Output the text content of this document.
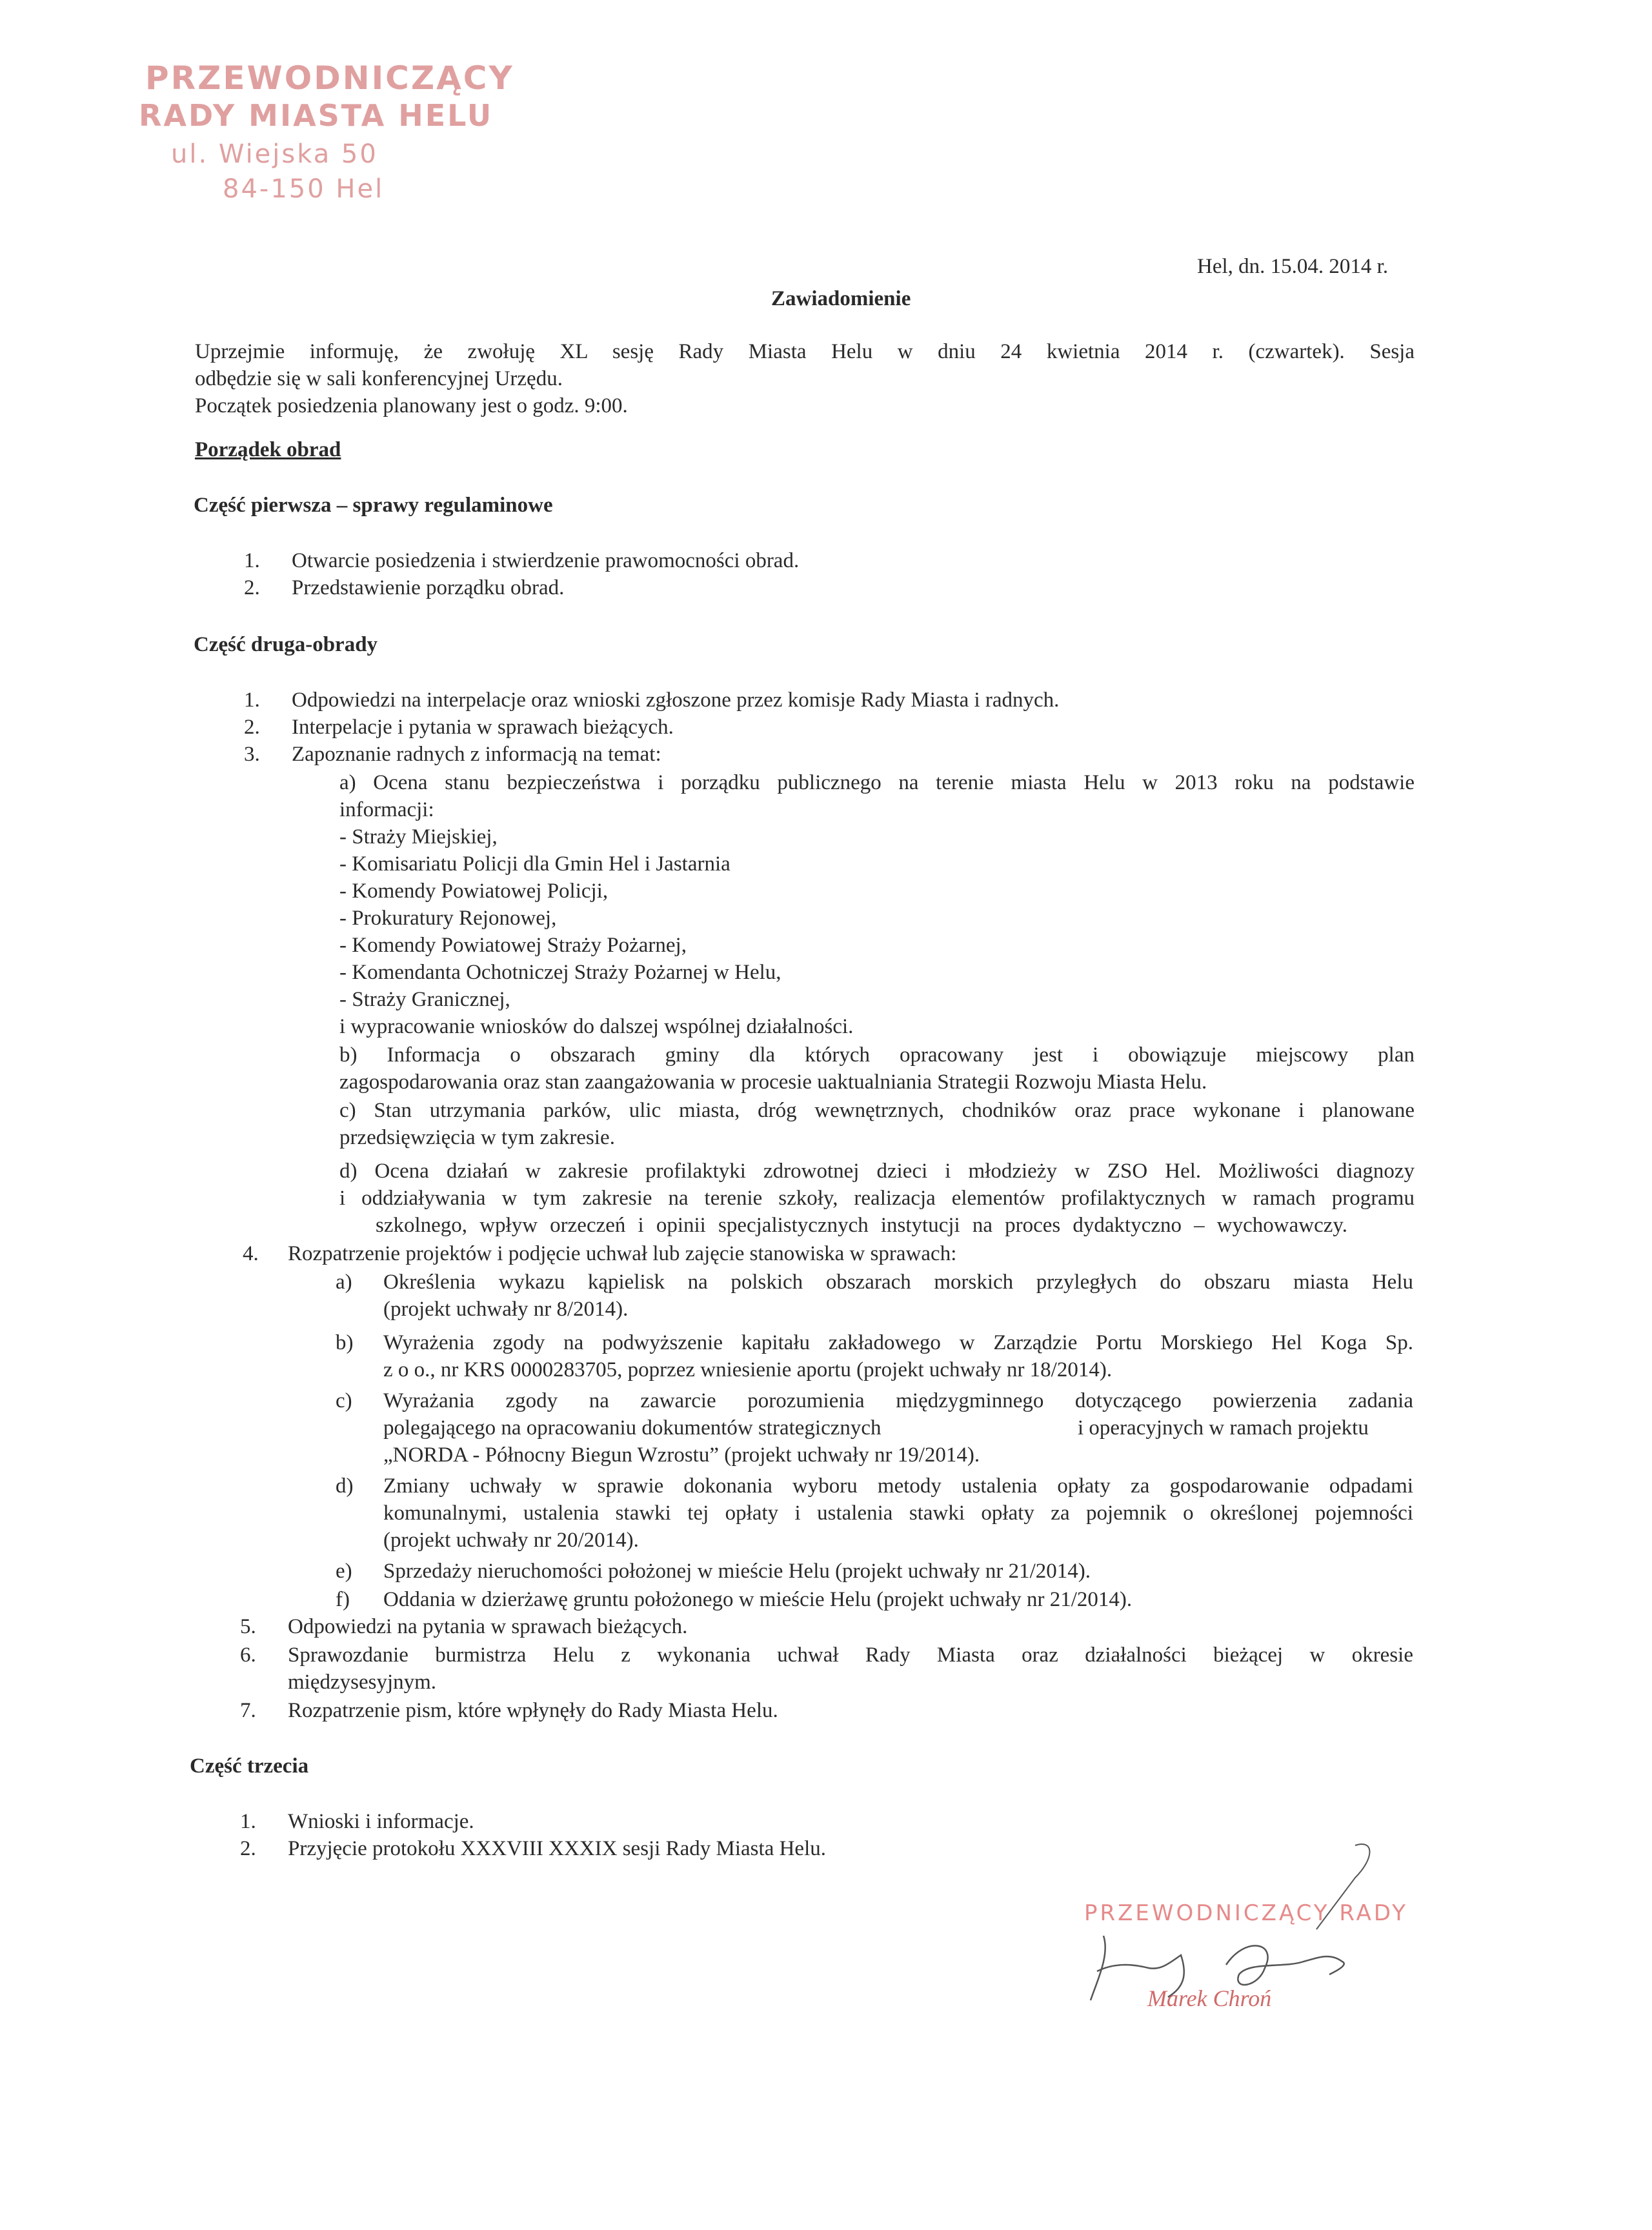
PRZEWODNICZĄCY
RADY MIASTA HELU
ul. Wiejska 50
84-150 Hel
Hel, dn. 15.04. 2014 r.
Zawiadomienie
Uprzejmie informuję, że zwołuję XL sesję Rady Miasta Helu w dniu 24 kwietnia 2014 r. (czwartek). Sesja
odbędzie się w sali konferencyjnej Urzędu.
Początek posiedzenia planowany jest o godz. 9:00.
Porządek obrad
Część pierwsza – sprawy regulaminowe
1. Otwarcie posiedzenia i stwierdzenie prawomocności obrad.
2. Przedstawienie porządku obrad.
Część druga-obrady
1. Odpowiedzi na interpelacje oraz wnioski zgłoszone przez komisje Rady Miasta i radnych.
2. Interpelacje i pytania w sprawach bieżących.
3. Zapoznanie radnych z informacją na temat:
a) Ocena stanu bezpieczeństwa i porządku publicznego na terenie miasta Helu w 2013 roku na podstawie
informacji:
- Straży Miejskiej,
- Komisariatu Policji dla Gmin Hel i Jastarnia
- Komendy Powiatowej Policji,
- Prokuratury Rejonowej,
- Komendy Powiatowej Straży Pożarnej,
- Komendanta Ochotniczej Straży Pożarnej w Helu,
- Straży Granicznej,
i wypracowanie wniosków do dalszej wspólnej działalności.
b) Informacja o obszarach gminy dla których opracowany jest i obowiązuje miejscowy plan
zagospodarowania oraz stan zaangażowania w procesie uaktualniania Strategii Rozwoju Miasta Helu.
c) Stan utrzymania parków, ulic miasta, dróg wewnętrznych, chodników oraz prace wykonane i planowane
przedsięwzięcia w tym zakresie.
d) Ocena działań w zakresie profilaktyki zdrowotnej dzieci i młodzieży w ZSO Hel. Możliwości diagnozy
i oddziaływania w tym zakresie na terenie szkoły, realizacja elementów profilaktycznych w ramach programu
szkolnego, wpływ orzeczeń i opinii specjalistycznych instytucji na proces dydaktyczno – wychowawczy.
4. Rozpatrzenie projektów i podjęcie uchwał lub zajęcie stanowiska w sprawach:
a) Określenia wykazu kąpielisk na polskich obszarach morskich przyległych do obszaru miasta Helu
(projekt uchwały nr 8/2014).
b) Wyrażenia zgody na podwyższenie kapitału zakładowego w Zarządzie Portu Morskiego Hel Koga Sp.
z o o., nr KRS 0000283705, poprzez wniesienie aportu (projekt uchwały nr 18/2014).
c) Wyrażania zgody na zawarcie porozumienia międzygminnego dotyczącego powierzenia zadania
polegającego na opracowaniu dokumentów strategicznych	i operacyjnych w ramach projektu
„NORDA - Północny Biegun Wzrostu” (projekt uchwały nr 19/2014).
d) Zmiany uchwały w sprawie dokonania wyboru metody ustalenia opłaty za gospodarowanie odpadami
komunalnymi, ustalenia stawki tej opłaty i ustalenia stawki opłaty za pojemnik o określonej pojemności
(projekt uchwały nr 20/2014).
e) Sprzedaży nieruchomości położonej w mieście Helu (projekt uchwały nr 21/2014).
f) Oddania w dzierżawę gruntu położonego w mieście Helu (projekt uchwały nr 21/2014).
5. Odpowiedzi na pytania w sprawach bieżących.
6. Sprawozdanie burmistrza Helu z wykonania uchwał Rady Miasta oraz działalności bieżącej w okresie
międzysesyjnym.
7. Rozpatrzenie pism, które wpłynęły do Rady Miasta Helu.
Część trzecia
1. Wnioski i informacje.
2. Przyjęcie protokołu XXXVIII XXXIX sesji Rady Miasta Helu.
PRZEWODNICZĄCY RADY
Marek Chroń
